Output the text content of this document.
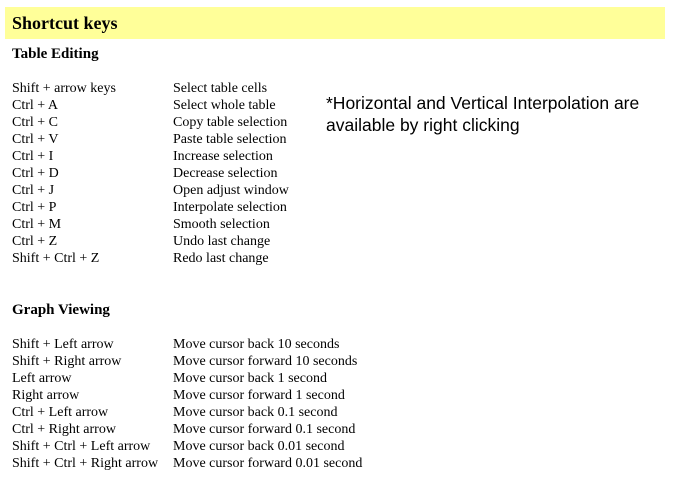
Shortcut keys
Table Editing
Shift + arrow keys	Select table cells
Ctrl + A	Select whole table
Ctrl + C	Copy table selection
Ctrl + V	Paste table selection
Ctrl + I	Increase selection
Ctrl + D	Decrease selection
Ctrl + J	Open adjust window
Ctrl + P	Interpolate selection
Ctrl + M	Smooth selection
Ctrl + Z	Undo last change
Shift + Ctrl + Z	Redo last change
*Horizontal and Vertical Interpolation are available by right clicking
Graph Viewing
Shift + Left arrow	Move cursor back 10 seconds
Shift + Right arrow	Move cursor forward 10 seconds
Left arrow	Move cursor back 1 second
Right arrow	Move cursor forward 1 second
Ctrl + Left arrow	Move cursor back 0.1 second
Ctrl + Right arrow	Move cursor forward 0.1 second
Shift + Ctrl + Left arrow Move cursor back 0.01 second
Shift + Ctrl + Right arrow Move cursor forward 0.01 second
